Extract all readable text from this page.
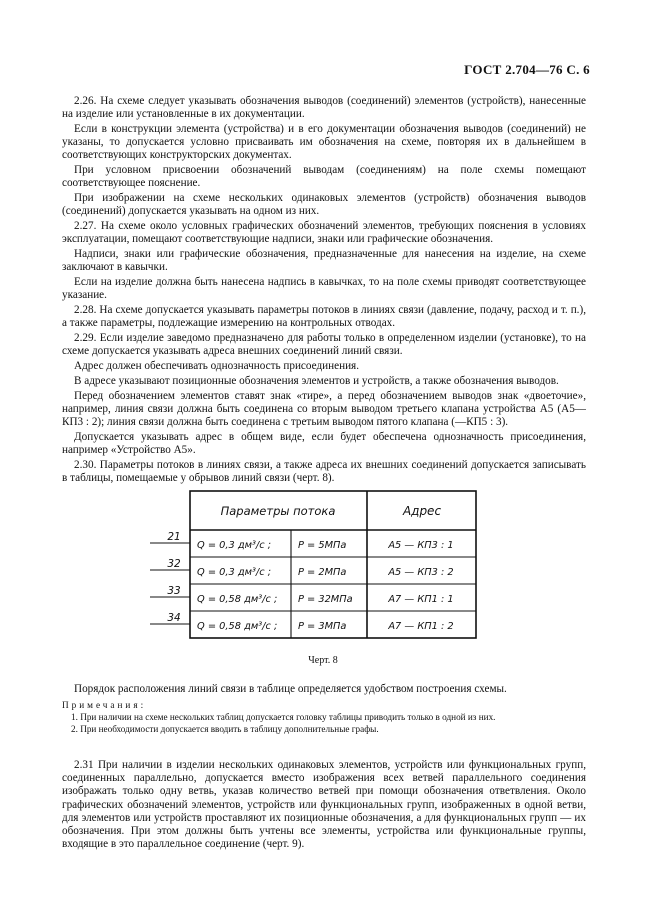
ГОСТ 2.704—76 С. 6

2.26. На схеме следует указывать обозначения выводов (соединений) элементов (устройств), нанесенные на изделие или установленные в их документации.

Если в конструкции элемента (устройства) и в его документации обозначения выводов (соединений) не указаны, то допускается условно присваивать им обозначения на схеме, повторяя их в дальнейшем в соответствующих конструкторских документах.

При условном присвоении обозначений выводам (соединениям) на поле схемы помещают соответствующее пояснение.

При изображении на схеме нескольких одинаковых элементов (устройств) обозначения выводов (соединений) допускается указывать на одном из них.

2.27. На схеме около условных графических обозначений элементов, требующих пояснения в условиях эксплуатации, помещают соответствующие надписи, знаки или графические обозначения.

Надписи, знаки или графические обозначения, предназначенные для нанесения на изделие, на схеме заключают в кавычки.

Если на изделие должна быть нанесена надпись в кавычках, то на поле схемы приводят соответствующее указание.

2.28. На схеме допускается указывать параметры потоков в линиях связи (давление, подачу, расход и т. п.), а также параметры, подлежащие измерению на контрольных отводах.

2.29. Если изделие заведомо предназначено для работы только в определенном изделии (установке), то на схеме допускается указывать адреса внешних соединений линий связи.

Адрес должен обеспечивать однозначность присоединения.

В адресе указывают позиционные обозначения элементов и устройств, а также обозначения выводов.

Перед обозначением элементов ставят знак «тире», а перед обозначением выводов знак «двоеточие», например, линия связи должна быть соединена со вторым выводом третьего клапана устройства А5 (А5—КП3 : 2); линия связи должна быть соединена с третьим выводом пятого клапана (—КП5 : 3).

Допускается указывать адрес в общем виде, если будет обеспечена однозначность присоединения, например «Устройство А5».

2.30. Параметры потоков в линиях связи, а также адреса их внешних соединений допускается записывать в таблицы, помещаемые у обрывов линий связи (черт. 8).

Параметры потока	Адрес
21
32
33
34
Q = 0,3 дм³/с ;
Q = 0,3 дм³/с ;
Q = 0,58 дм³/с ;
Q = 0,58 дм³/с ;
P = 5МПа
P = 2МПа
P = 32МПа
P = 3МПа
А5 — КП3 : 1
А5 — КП3 : 2
А7 — КП1 : 1
А7 — КП1 : 2
Черт. 8

Порядок расположения линий связи в таблице определяется удобством построения схемы.

Примечания:

1. При наличии на схеме нескольких таблиц допускается головку таблицы приводить только в одной из них.

2. При необходимости допускается вводить в таблицу дополнительные графы.

2.31 При наличии в изделии нескольких одинаковых элементов, устройств или функциональных групп, соединенных параллельно, допускается вместо изображения всех ветвей параллельного соединения изображать только одну ветвь, указав количество ветвей при помощи обозначения ответвления. Около графических обозначений элементов, устройств или функциональных групп, изображенных в одной ветви, для элементов или устройств проставляют их позиционные обозначения, а для функциональных групп — их обозначения. При этом должны быть учтены все элементы, устройства или функциональные группы, входящие в это параллельное соединение (черт. 9).
